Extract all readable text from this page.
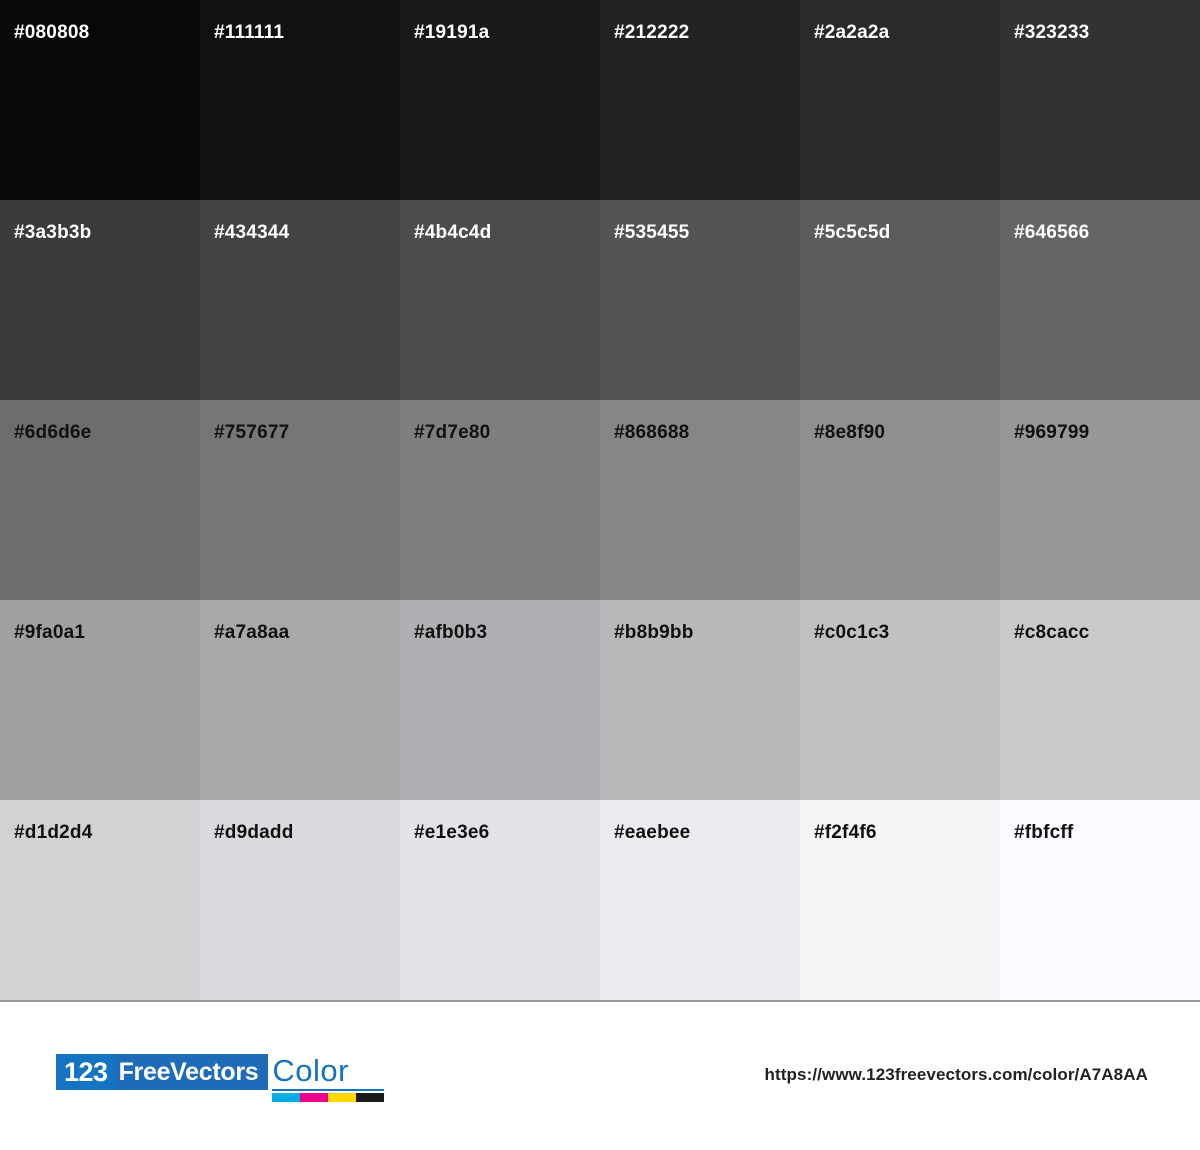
#080808	#111111	#19191a	#212222	#2a2a2a	#323233
#3a3b3b	#434344	#4b4c4d	#535455	#5c5c5d	#646566
#6d6d6e	#757677	#7d7e80	#868688	#8e8f90	#969799
#9fa0a1	#a7a8aa	#afb0b3	#b8b9bb	#c0c1c3	#c8cacc
#d1d2d4	#d9dadd	#e1e3e6	#eaebee	#f2f4f6	#fbfcff
123 FreeVectors Color	https://www.123freevectors.com/color/A7A8AA
